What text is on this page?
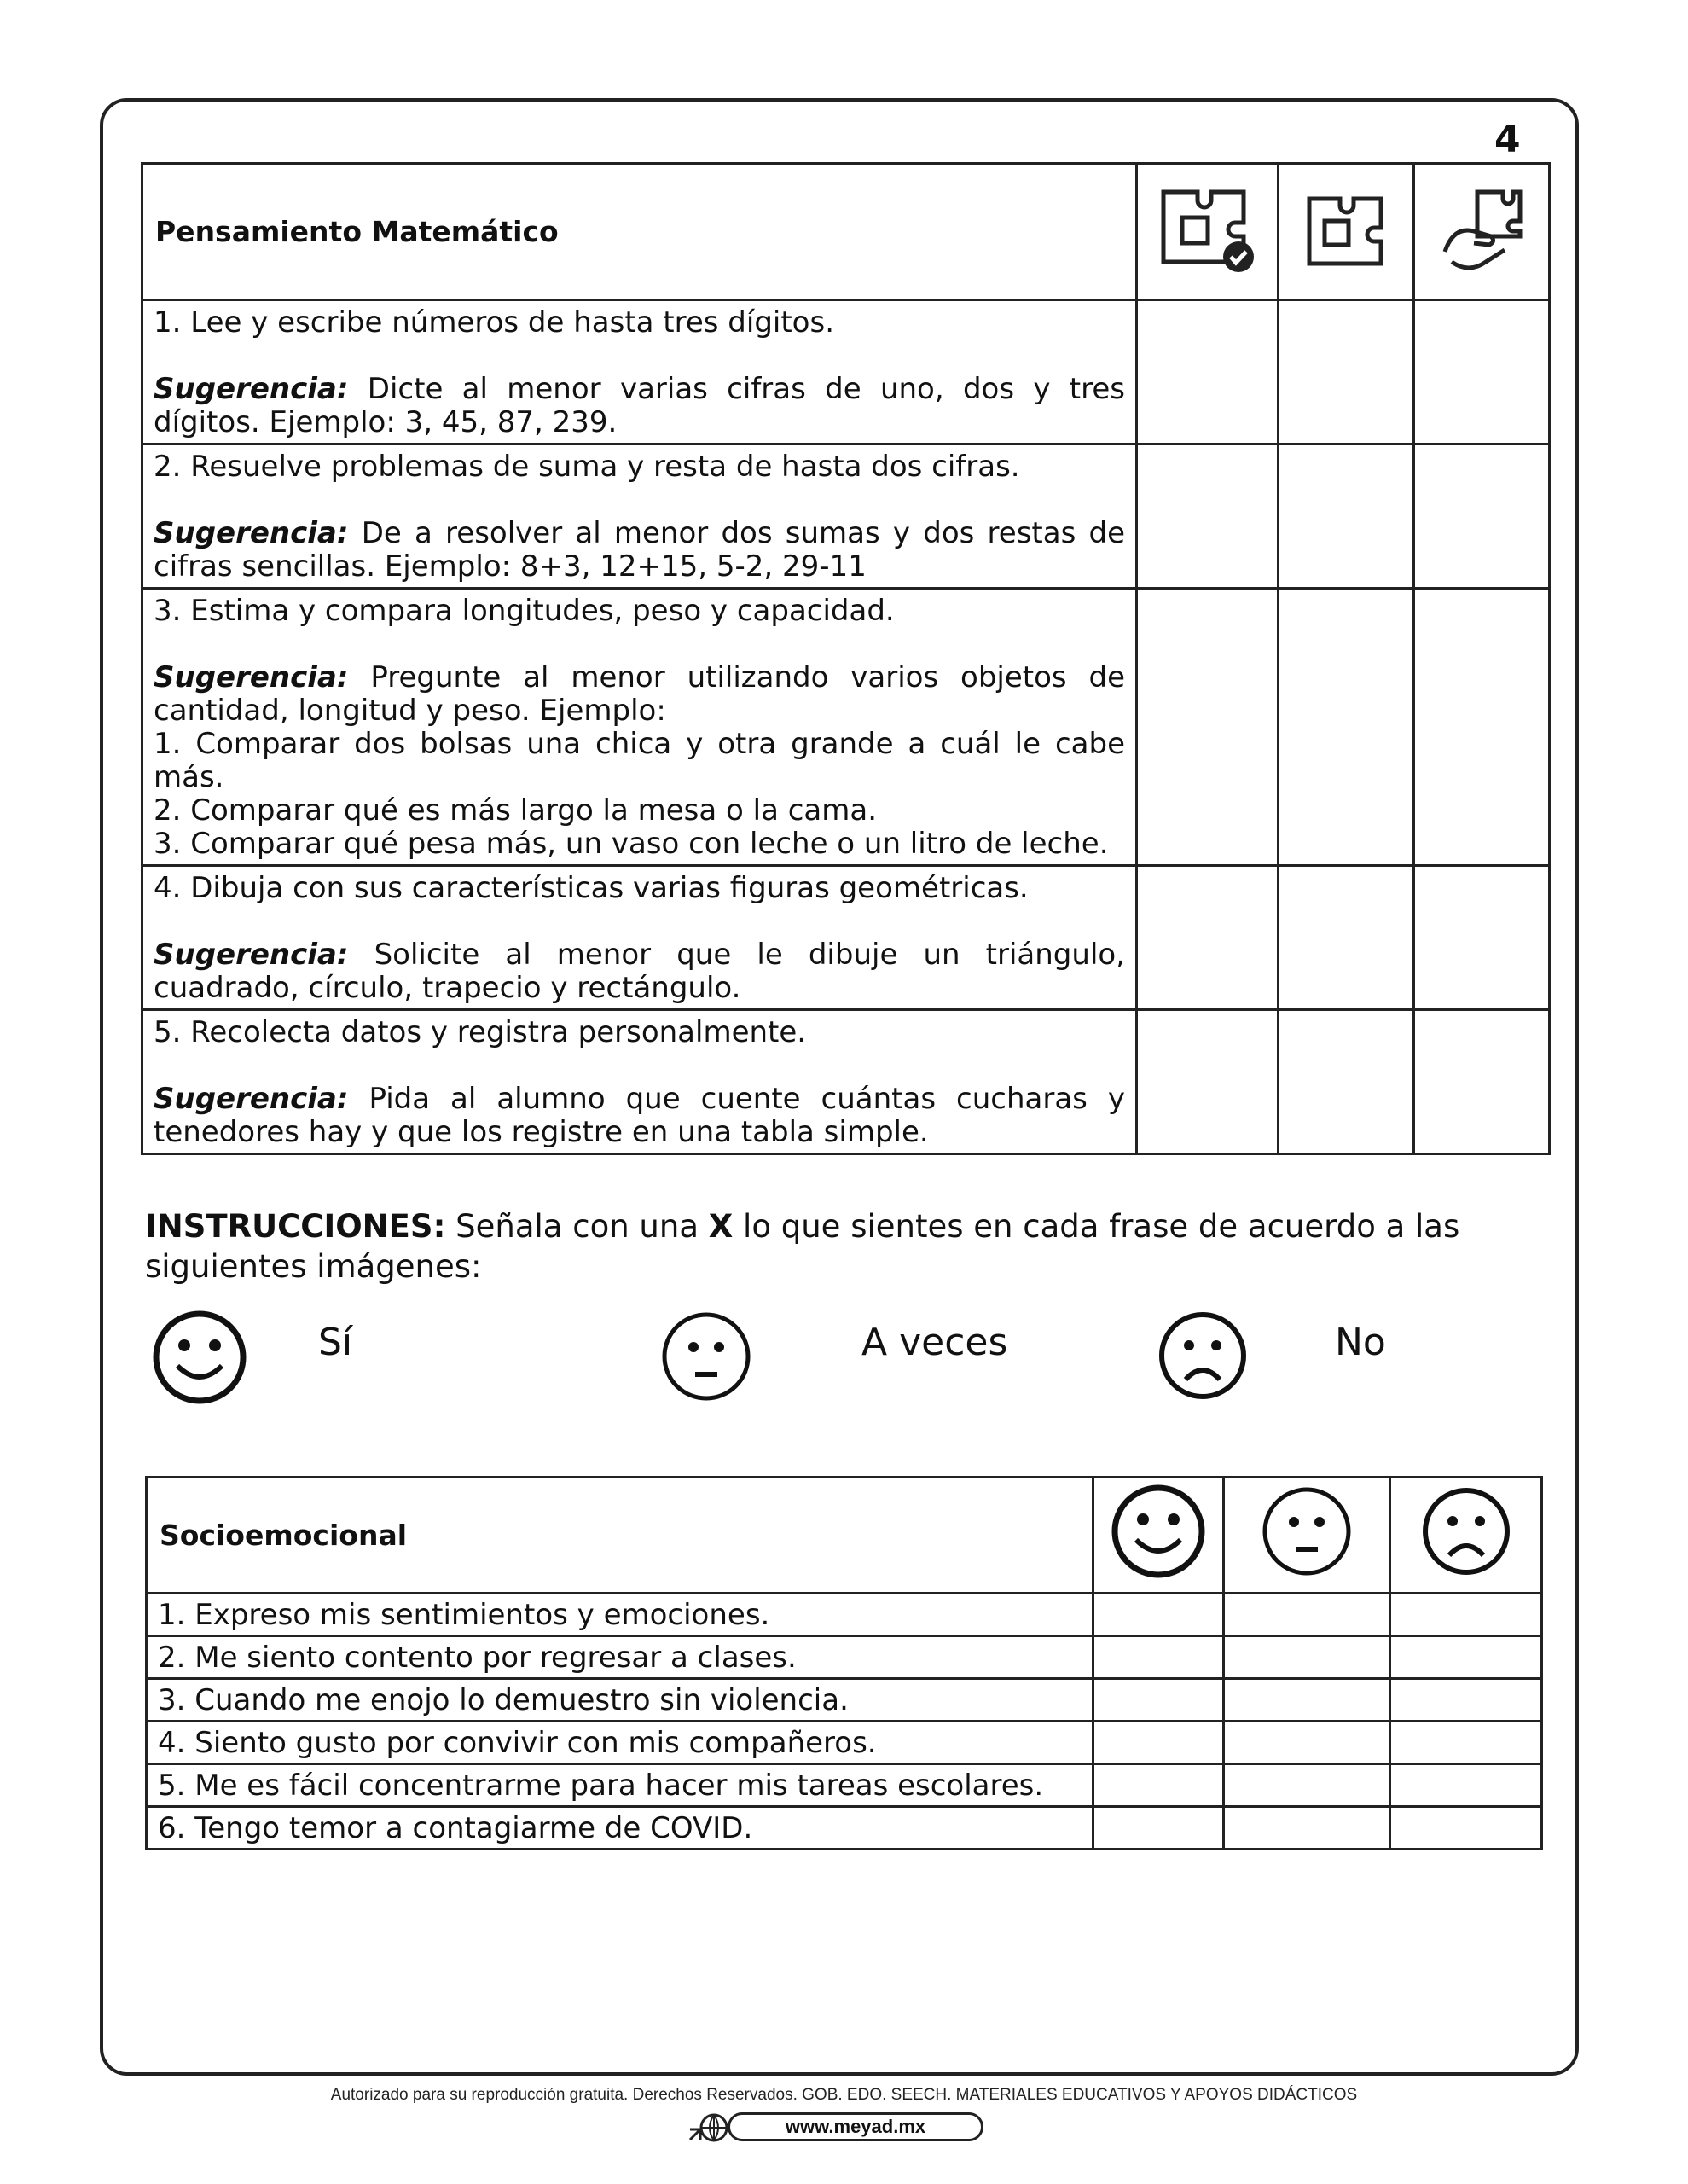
4
Pensamiento Matemático			

1. Lee y escribe números de hasta tres dígitos.
Sugerencia: Dicte al menor varias cifras de uno, dos y tres dígitos. Ejemplo: 3, 45, 87, 239.			

2. Resuelve problemas de suma y resta de hasta dos cifras.
Sugerencia: De a resolver al menor dos sumas y dos restas de cifras sencillas. Ejemplo: 8+3, 12+15, 5-2, 29-11			

3. Estima y compara longitudes, peso y capacidad.
Sugerencia: Pregunte al menor utilizando varios objetos de cantidad, longitud y peso. Ejemplo:
1. Comparar dos bolsas una chica y otra grande a cuál le cabe más.
2. Comparar qué es más largo la mesa o la cama.
3. Comparar qué pesa más, un vaso con leche o un litro de leche.			

4. Dibuja con sus características varias figuras geométricas.
Sugerencia: Solicite al menor que le dibuje un triángulo, cuadrado, círculo, trapecio y rectángulo.			

5. Recolecta datos y registra personalmente.
Sugerencia: Pida al alumno que cuente cuántas cucharas y tenedores hay y que los registre en una tabla simple.			
INSTRUCCIONES: Señala con una X lo que sientes en cada frase de acuerdo a las siguientes imágenes:
Sí	A veces	No
Socioemocional			
1. Expreso mis sentimientos y emociones.			
2. Me siento contento por regresar a clases.			
3. Cuando me enojo lo demuestro sin violencia.			
4. Siento gusto por convivir con mis compañeros.			
5. Me es fácil concentrarme para hacer mis tareas escolares.			
6. Tengo temor a contagiarme de COVID.			
Autorizado para su reproducción gratuita. Derechos Reservados. GOB. EDO. SEECH. MATERIALES EDUCATIVOS Y APOYOS DIDÁCTICOS
www.meyad.mx
